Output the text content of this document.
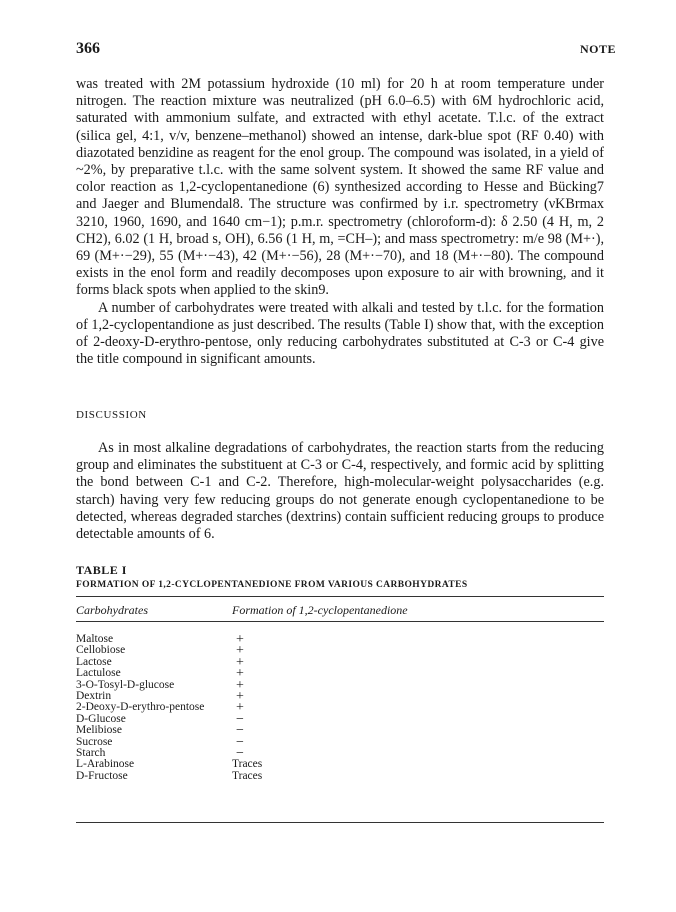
366	NOTE

was treated with 2M potassium hydroxide (10 ml) for 20 h at room temperature under nitrogen. The reaction mixture was neutralized (pH 6.0–6.5) with 6M hydrochloric acid, saturated with ammonium sulfate, and extracted with ethyl acetate. T.l.c. of the extract (silica gel, 4:1, v/v, benzene–methanol) showed an intense, dark-blue spot (RF 0.40) with diazotated benzidine as reagent for the enol group. The compound was isolated, in a yield of ~2%, by preparative t.l.c. with the same solvent system. It showed the same RF value and color reaction as 1,2-cyclopentanedione (6) synthesized according to Hesse and Bücking7 and Jaeger and Blumendal8. The structure was confirmed by i.r. spectrometry (νKBrmax 3210, 1960, 1690, and 1640 cm−1); p.m.r. spectrometry (chloroform-d): δ 2.50 (4 H, m, 2 CH2), 6.02 (1 H, broad s, OH), 6.56 (1 H, m, =CH–); and mass spectrometry: m/e 98 (M+·), 69 (M+·−29), 55 (M+·−43), 42 (M+·−56), 28 (M+·−70), and 18 (M+·−80). The compound exists in the enol form and readily decomposes upon exposure to air with browning, and it forms black spots when applied to the skin9.

A number of carbohydrates were treated with alkali and tested by t.l.c. for the formation of 1,2-cyclopentandione as just described. The results (Table I) show that, with the exception of 2-deoxy-D-erythro-pentose, only reducing carbohydrates substituted at C-3 or C-4 give the title compound in significant amounts.

DISCUSSION

As in most alkaline degradations of carbohydrates, the reaction starts from the reducing group and eliminates the substituent at C-3 or C-4, respectively, and formic acid by splitting the bond between C-1 and C-2. Therefore, high-molecular-weight polysaccharides (e.g. starch) having very few reducing groups do not generate enough cyclopentanedione to be detected, whereas degraded starches (dextrins) contain sufficient reducing groups to produce detectable amounts of 6.

TABLE I
FORMATION OF 1,2-CYCLOPENTANEDIONE FROM VARIOUS CARBOHYDRATES
Carbohydrates	Formation of 1,2-cyclopentanedione
Maltose	+
Cellobiose	+
Lactose	+
Lactulose	+
3-O-Tosyl-D-glucose	+
Dextrin	+
2-Deoxy-D-erythro-pentose +
D-Glucose	−
Melibiose	−
Sucrose	−
Starch	−
L-Arabinose	Traces
D-Fructose	Traces
